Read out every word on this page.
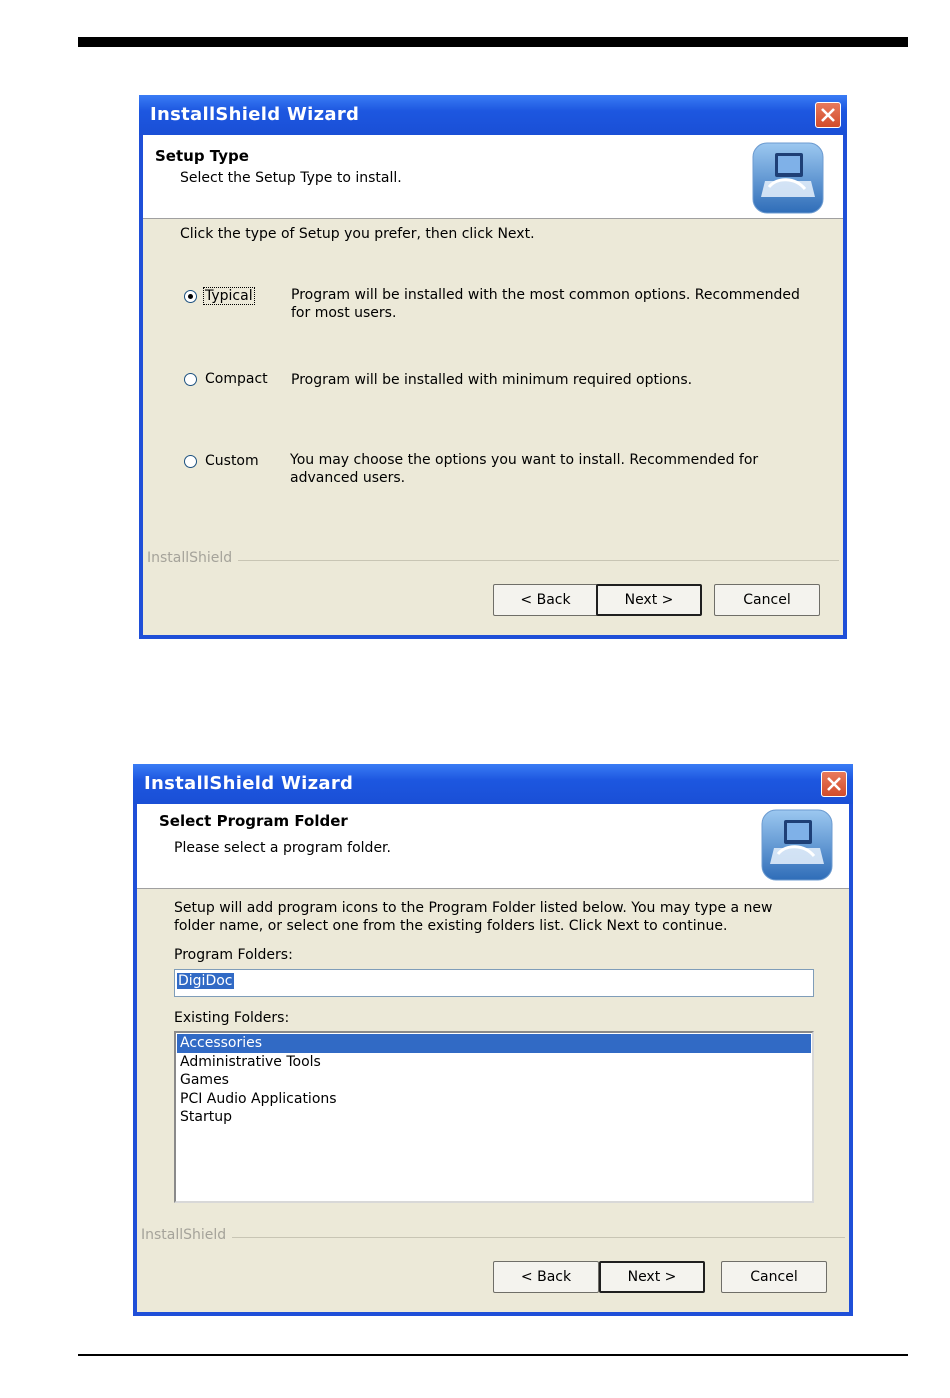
InstallShield Wizard
Setup Type
Select the Setup Type to install.
Click the type of Setup you prefer, then click Next.
Typical	Program will be installed with the most common options. Recommended for most users.
Compact Program will be installed with minimum required options.
Custom You may choose the options you want to install. Recommended for advanced users.
InstallShield
< Back	Next >	Cancel
InstallShield Wizard
Select Program Folder
Please select a program folder.
Setup will add program icons to the Program Folder listed below. You may type a new folder name, or select one from the existing folders list. Click Next to continue.
Program Folders:
DigiDoc
Existing Folders:
Accessories
Administrative Tools
Games
PCI Audio Applications
Startup
InstallShield
< Back	Next >	Cancel
